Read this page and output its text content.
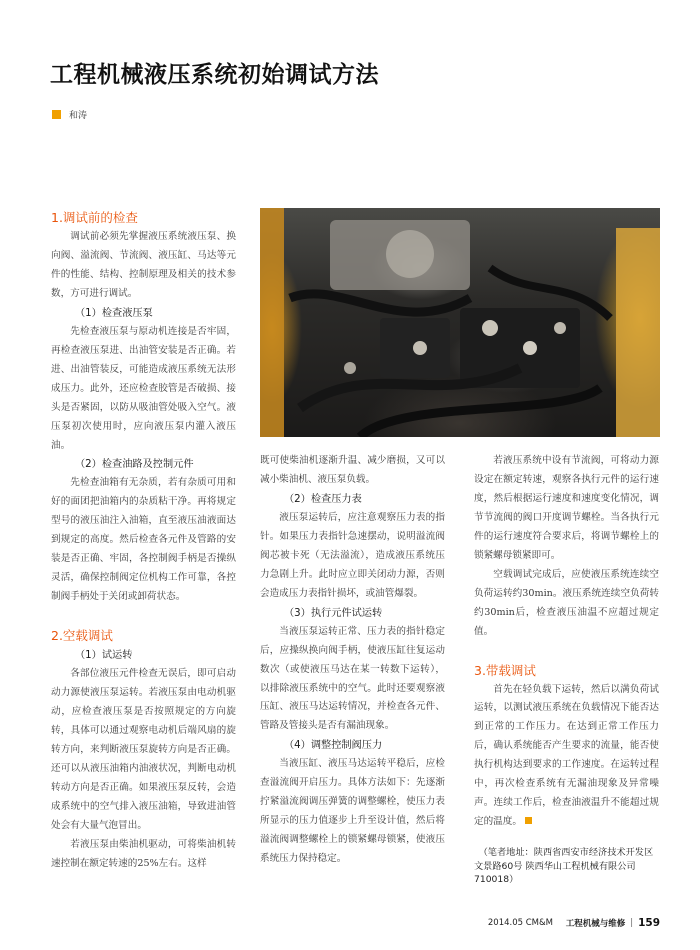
工程机械液压系统初始调试方法
和涛
1.调试前的检查

调试前必须先掌握液压系统液压泵、换向阀、溢流阀、节流阀、液压缸、马达等元件的性能、结构、控制原理及相关的技术参数，方可进行调试。

（1）检查液压泵

先检查液压泵与原动机连接是否牢固，再检查液压泵进、出油管安装是否正确。若进、出油管装反，可能造成液压系统无法形成压力。此外，还应检查胶管是否破损、接头是否紧固，以防从吸油管处吸入空气。液压泵初次使用时，应向液压泵内灌入液压油。

（2）检查油路及控制元件

先检查油箱有无杂质，若有杂质可用和好的面团把油箱内的杂质粘干净。再将规定型号的液压油注入油箱，直至液压油液面达到规定的高度。然后检查各元件及管路的安装是否正确、牢固，各控制阀手柄是否操纵灵活，确保控制阀定位机构工作可靠，各控制阀手柄处于关闭或卸荷状态。

2.空载调试
（1）试运转

各部位液压元件检查无误后，即可启动动力源使液压泵运转。若液压泵由电动机驱动，应检查液压泵是否按照规定的方向旋转，具体可以通过观察电动机后端风扇的旋转方向，来判断液压泵旋转方向是否正确。还可以从液压油箱内油液状况，判断电动机转动方向是否正确。如果液压泵反转，会造成系统中的空气排入液压油箱，导致进油管处会有大量气泡冒出。

若液压泵由柴油机驱动，可将柴油机转速控制在额定转速的25%左右。这样

既可使柴油机逐渐升温、减少磨损，又可以减小柴油机、液压泵负载。

（2）检查压力表

液压泵运转后，应注意观察压力表的指针。如果压力表指针急速摆动，说明溢流阀阀芯被卡死（无法溢流），造成液压系统压力急剧上升。此时应立即关闭动力源，否则会造成压力表指针损坏，或油管爆裂。

（3）执行元件试运转

当液压泵运转正常、压力表的指针稳定后，应操纵换向阀手柄，使液压缸往复运动数次（或使液压马达在某一转数下运转），以排除液压系统中的空气。此时还要观察液压缸、液压马达运转情况，并检查各元件、管路及管接头是否有漏油现象。

（4）调整控制阀压力

当液压缸、液压马达运转平稳后，应检查溢流阀开启压力。具体方法如下：先逐渐拧紧溢流阀调压弹簧的调整螺栓，使压力表所显示的压力值逐步上升至设计值，然后将溢流阀调整螺栓上的锁紧螺母锁紧，使液压系统压力保持稳定。

若液压系统中设有节流阀，可将动力源设定在额定转速，观察各执行元件的运行速度，然后根据运行速度和速度变化情况，调节节流阀的阀口开度调节螺栓。当各执行元件的运行速度符合要求后，将调节螺栓上的锁紧螺母锁紧即可。

空载调试完成后，应使液压系统连续空负荷运转约30min。液压系统连续空负荷转约30min后，检查液压油温不应超过规定值。

3.带载调试

首先在轻负载下运转，然后以满负荷试运转，以测试液压系统在负载情况下能否达到正常的工作压力。在达到正常工作压力后，确认系统能否产生要求的流量，能否使执行机构达到要求的工作速度。在运转过程中，再次检查系统有无漏油现象及异常噪声。连续工作后，检查油液温升不能超过规定的温度。

（笔者地址：陕西省西安市经济技术开发区文景路60号 陕西华山工程机械有限公司 710018）
2014.05 CM&M
工程机械与维修 | 159
